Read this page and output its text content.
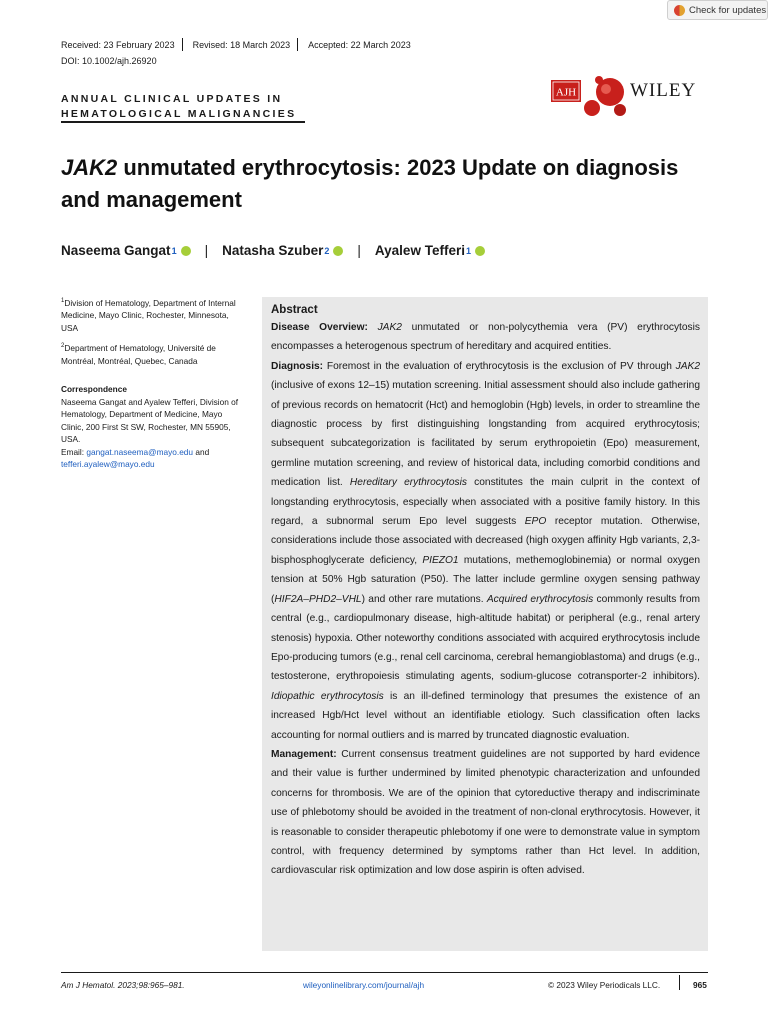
Check for updates
Received: 23 February 2023 Revised: 18 March 2023 Accepted: 22 March 2023
DOI: 10.1002/ajh.26920
ANNUAL CLINICAL UPDATES IN
HEMATOLOGICAL MALIGNANCIES
AJH	WILEY
JAK2 unmutated erythrocytosis: 2023 Update on diagnosis and management
Naseema Gangat 1 | Natasha Szuber 2 | Ayalew Tefferi 1

$^1$Division of Hematology, Department of Internal Medicine, Mayo Clinic, Rochester, Minnesota, USA

$^2$Department of Hematology, Université de Montréal, Montréal, Quebec, Canada

Correspondence

Naseema Gangat and Ayalew Tefferi, Division of Hematology, Department of Medicine, Mayo Clinic, 200 First St SW, Rochester, MN 55905, USA.
Email: gangat.naseema@mayo.edu and tefferi.ayalew@mayo.edu

Abstract

Disease Overview: JAK2 unmutated or non-polycythemia vera (PV) erythrocytosis encompasses a heterogenous spectrum of hereditary and acquired entities.

Diagnosis: Foremost in the evaluation of erythrocytosis is the exclusion of PV through JAK2 (inclusive of exons 12–15) mutation screening. Initial assessment should also include gathering of previous records on hematocrit (Hct) and hemoglobin (Hgb) levels, in order to streamline the diagnostic process by first distinguishing longstanding from acquired erythrocytosis; subsequent subcategorization is facilitated by serum erythropoietin (Epo) measurement, germline mutation screening, and review of historical data, including comorbid conditions and medication list. Hereditary erythrocytosis constitutes the main culprit in the context of longstanding erythrocytosis, especially when associated with a positive family history. In this regard, a subnormal serum Epo level suggests EPO receptor mutation. Otherwise, considerations include those associated with decreased (high oxygen affinity Hgb variants, 2,3-bisphosphoglycerate deficiency, PIEZO1 mutations, methemoglobinemia) or normal oxygen tension at 50% Hgb saturation (P50). The latter include germline oxygen sensing pathway (HIF2A–PHD2–VHL) and other rare mutations. Acquired erythrocytosis commonly results from central (e.g., cardiopulmonary disease, high-altitude habitat) or peripheral (e.g., renal artery stenosis) hypoxia. Other noteworthy conditions associated with acquired erythrocytosis include Epo-producing tumors (e.g., renal cell carcinoma, cerebral hemangioblastoma) and drugs (e.g., testosterone, erythropoiesis stimulating agents, sodium-glucose cotransporter-2 inhibitors). Idiopathic erythrocytosis is an ill-defined terminology that presumes the existence of an increased Hgb/Hct level without an identifiable etiology. Such classification often lacks accounting for normal outliers and is marred by truncated diagnostic evaluation.

Management: Current consensus treatment guidelines are not supported by hard evidence and their value is further undermined by limited phenotypic characterization and unfounded concerns for thrombosis. We are of the opinion that cytoreductive therapy and indiscriminate use of phlebotomy should be avoided in the treatment of non-clonal erythrocytosis. However, it is reasonable to consider therapeutic phlebotomy if one were to demonstrate value in symptom control, with frequency determined by symptoms rather than Hct level. In addition, cardiovascular risk optimization and low dose aspirin is often advised.

Am J Hematol. 2023;98:965–981.	wileyonlinelibrary.com/journal/ajh	© 2023 Wiley Periodicals LLC.	965
